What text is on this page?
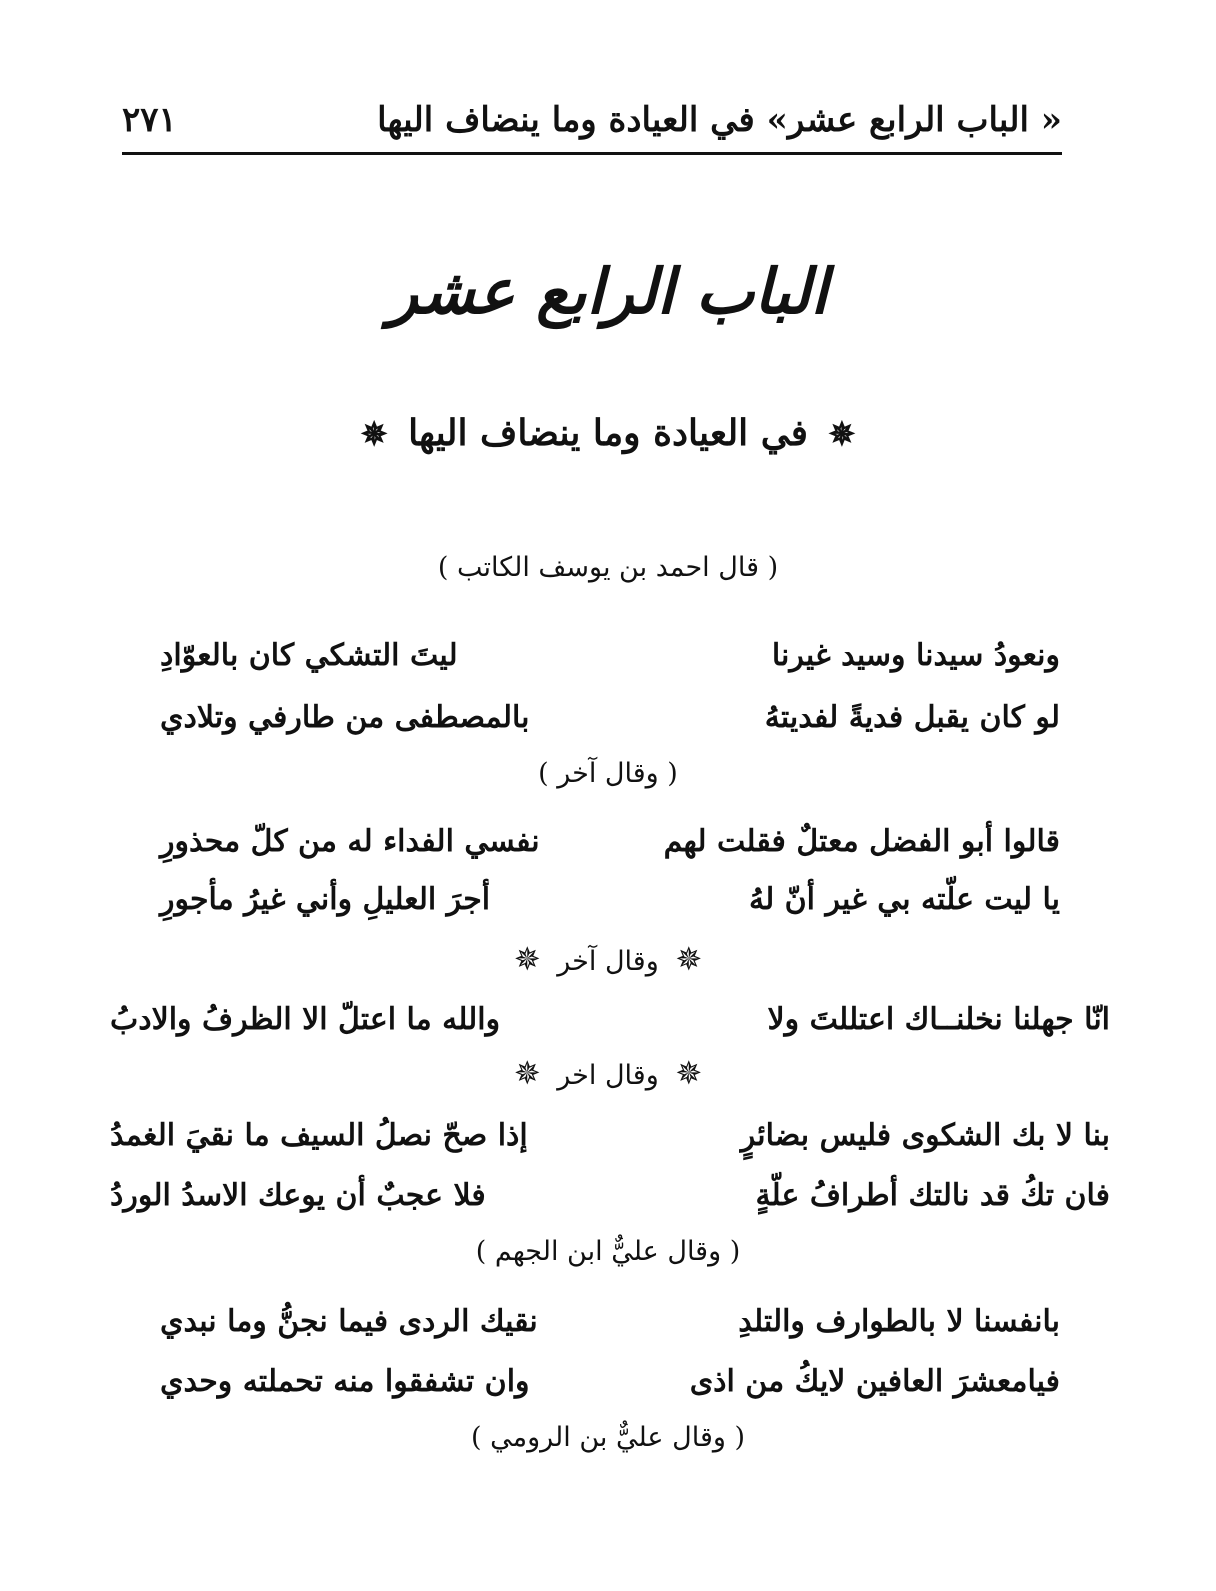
« الباب الرابع عشر» في العيادة وما ينضاف اليها
٢٧١
الباب الرابع عشر
✵ في العيادة وما ينضاف اليها ✵
( قال احمد بن يوسف الكاتب )
ونعودُ سيدنا وسيد غيرنا
ليتَ التشكي كان بالعوّادِ
لو كان يقبل فديةً لفديتهُ
بالمصطفى من طارفي وتلادي
( وقال آخر )
قالوا أبو الفضل معتلٌ فقلت لهم
نفسي الفداء له من كلّ محذورِ
يا ليت علّته بي غير أنّ لهُ
أجرَ العليلِ وأني غيرُ مأجورِ
✵ وقال آخر ✵
انّا جهلنا نخلنــاك اعتللتَ ولا
والله ما اعتلّ الا الظرفُ والادبُ
✵ وقال اخر ✵
بنا لا بك الشكوى فليس بضائرٍ
إذا صحّ نصلُ السيف ما نقيَ الغمدُ
فان تكُ قد نالتك أطرافُ علّةٍ
فلا عجبٌ أن يوعك الاسدُ الوردُ
( وقال عليٌّ ابن الجهم )
بانفسنا لا بالطوارف والتلدِ
نقيك الردى فيما نجنُّ وما نبدي
فيامعشرَ العافين لايكُ من اذى
وان تشفقوا منه تحملته وحدي
( وقال عليٌّ بن الرومي )
